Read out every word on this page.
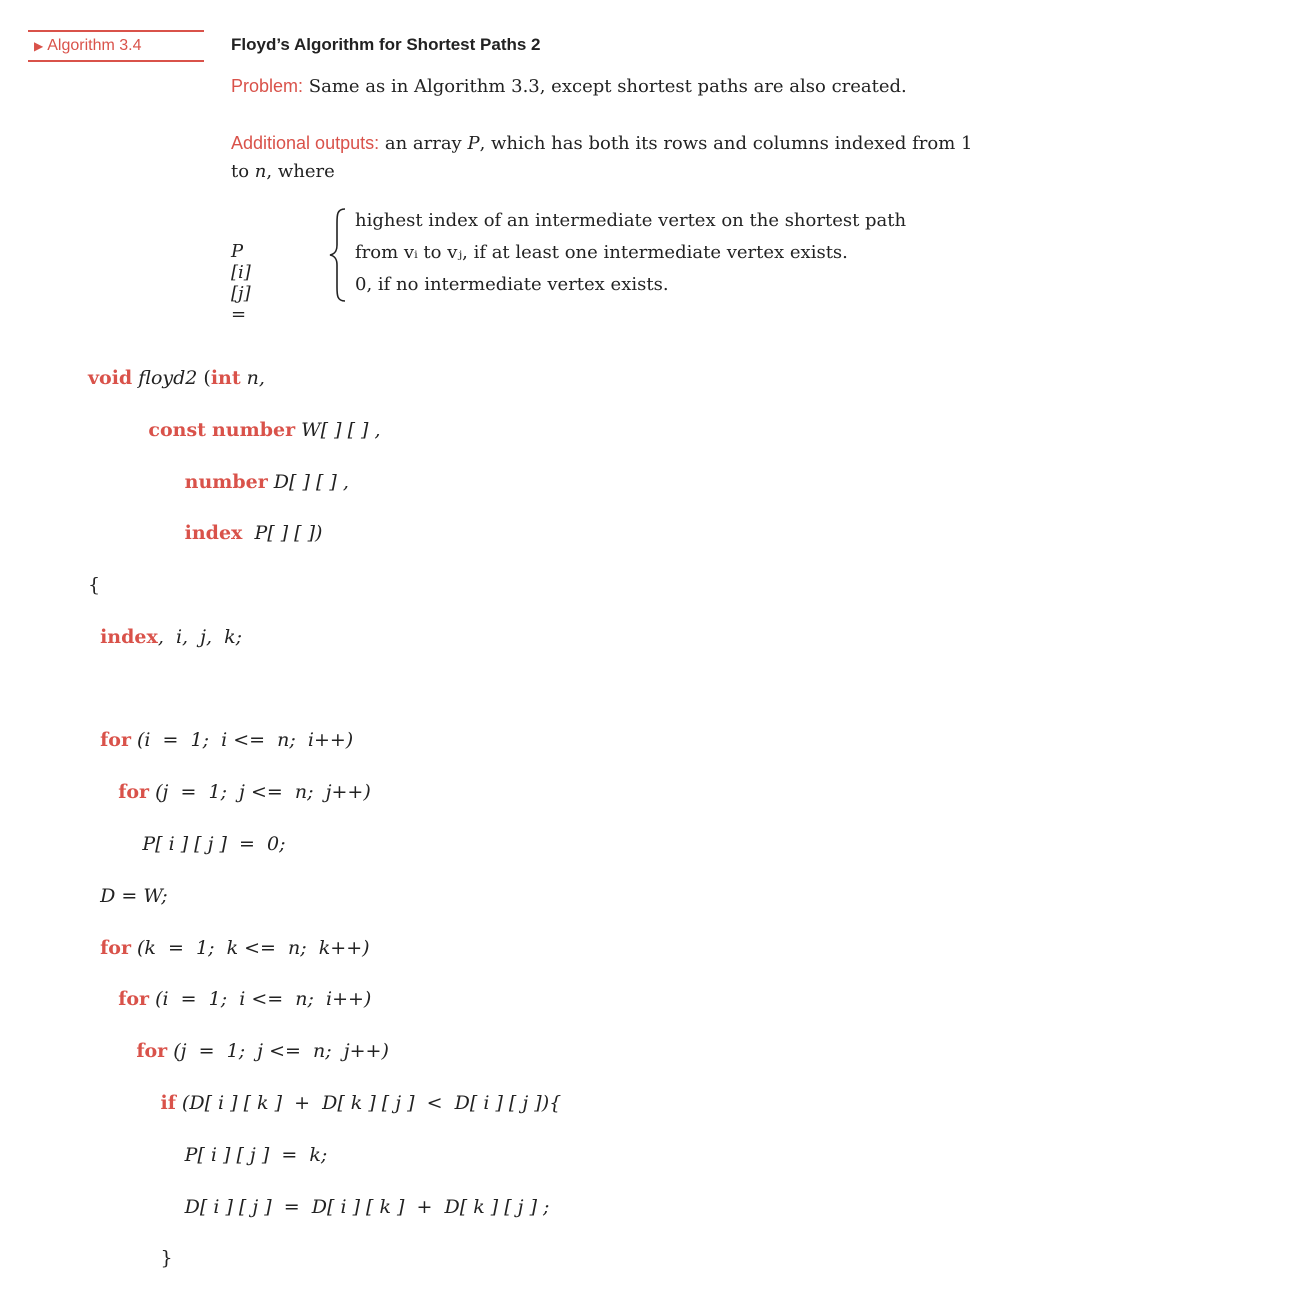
▶ Algorithm 3.4	Floyd’s Algorithm for Shortest Paths 2
Problem: Same as in Algorithm 3.3, except shortest paths are also created.
Additional outputs: an array P, which has both its rows and columns indexed from 1 to n, where
P [i] [j] =
highest index of an intermediate vertex on the shortest path
from vᵢ to vⱼ, if at least one intermediate vertex exists.
0, if no intermediate vertex exists.

void floyd2 (int n,

const number W[ ] [ ] ,

number D[ ] [ ] ,

index  P[ ] [ ])

{

index,  i,  j,  k;

for (i  =  1;  i <=  n;  i++)

for (j  =  1;  j <=  n;  j++)

P[ i ] [ j ]  =  0;

D = W;

for (k  =  1;  k <=  n;  k++)

for (i  =  1;  i <=  n;  i++)

for (j  =  1;  j <=  n;  j++)

if (D[ i ] [ k ]  +  D[ k ] [ j ]  <  D[ i ] [ j ]){

P[ i ] [ j ]  =  k;

D[ i ] [ j ]  =  D[ i ] [ k ]  +  D[ k ] [ j ] ;

}
